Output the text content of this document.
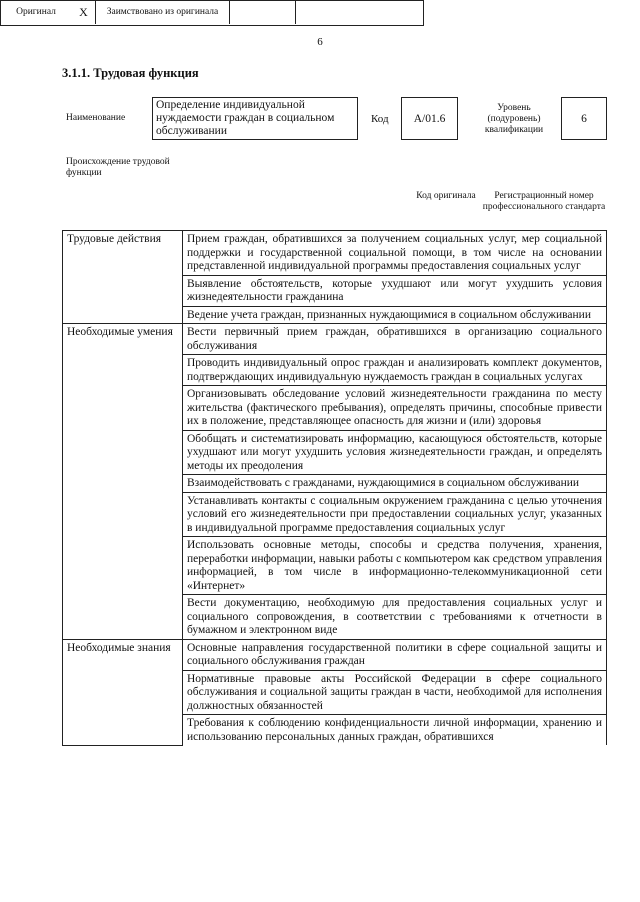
6
3.1.1. Трудовая функция
Наименование
Определение индивидуальной нуждаемости граждан в социальном обслуживании
Код	А/01.6
Уровень (подуровень) квалификации
6
Происхождение трудовой функции
Оригинал	X	Заимствовано из оригинала
Код оригинала	Регистрационный номер профессионального стандарта
Трудовые действия	Прием граждан, обратившихся за получением социальных услуг, мер социальной поддержки и государственной социальной помощи, в том числе на основании представленной индивидуальной программы предоставления социальных услуг
	Выявление обстоятельств, которые ухудшают или могут ухудшить условия жизнедеятельности гражданина
	Ведение учета граждан, признанных нуждающимися в социальном обслуживании
Необходимые умения	Вести первичный прием граждан, обратившихся в организацию социального обслуживания
	Проводить индивидуальный опрос граждан и анализировать комплект документов, подтверждающих индивидуальную нуждаемость граждан в социальных услугах
	Организовывать обследование условий жизнедеятельности гражданина по месту жительства (фактического пребывания), определять причины, способные привести их в положение, представляющее опасность для жизни и (или) здоровья
	Обобщать и систематизировать информацию, касающуюся обстоятельств, которые ухудшают или могут ухудшить условия жизнедеятельности граждан, и определять методы их преодоления
	Взаимодействовать с гражданами, нуждающимися в социальном обслуживании
	Устанавливать контакты с социальным окружением гражданина с целью уточнения условий его жизнедеятельности при предоставлении социальных услуг, указанных в индивидуальной программе предоставления социальных услуг
	Использовать основные методы, способы и средства получения, хранения, переработки информации, навыки работы с компьютером как средством управления информацией, в том числе в информационно-телекоммуникационной сети «Интернет»
	Вести документацию, необходимую для предоставления социальных услуг и социального сопровождения, в соответствии с требованиями к отчетности в бумажном и электронном виде
Необходимые знания	Основные направления государственной политики в сфере социальной защиты и социального обслуживания граждан
	Нормативные правовые акты Российской Федерации в сфере социального обслуживания и социальной защиты граждан в части, необходимой для исполнения должностных обязанностей
	Требования к соблюдению конфиденциальности личной информации, хранению и использованию персональных данных граждан, обратившихся
